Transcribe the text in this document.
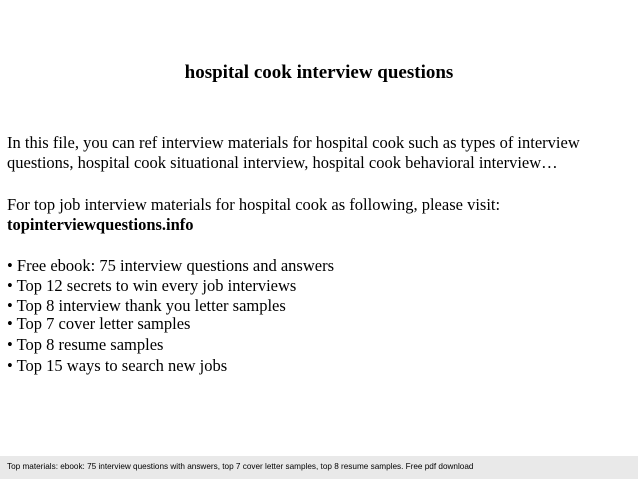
hospital cook interview questions

In this file, you can ref interview materials for hospital cook such as types of interview questions, hospital cook situational interview, hospital cook behavioral interview…

For top job interview materials for hospital cook as following, please visit:

topinterviewquestions.info

• Free ebook: 75 interview questions and answers
• Top 12 secrets to win every job interviews
• Top 8 interview thank you letter samples
• Top 7 cover letter samples
• Top 8 resume samples
• Top 15 ways to search new jobs

Top materials: ebook: 75 interview questions with answers, top 7 cover letter samples, top 8 resume samples. Free pdf download
